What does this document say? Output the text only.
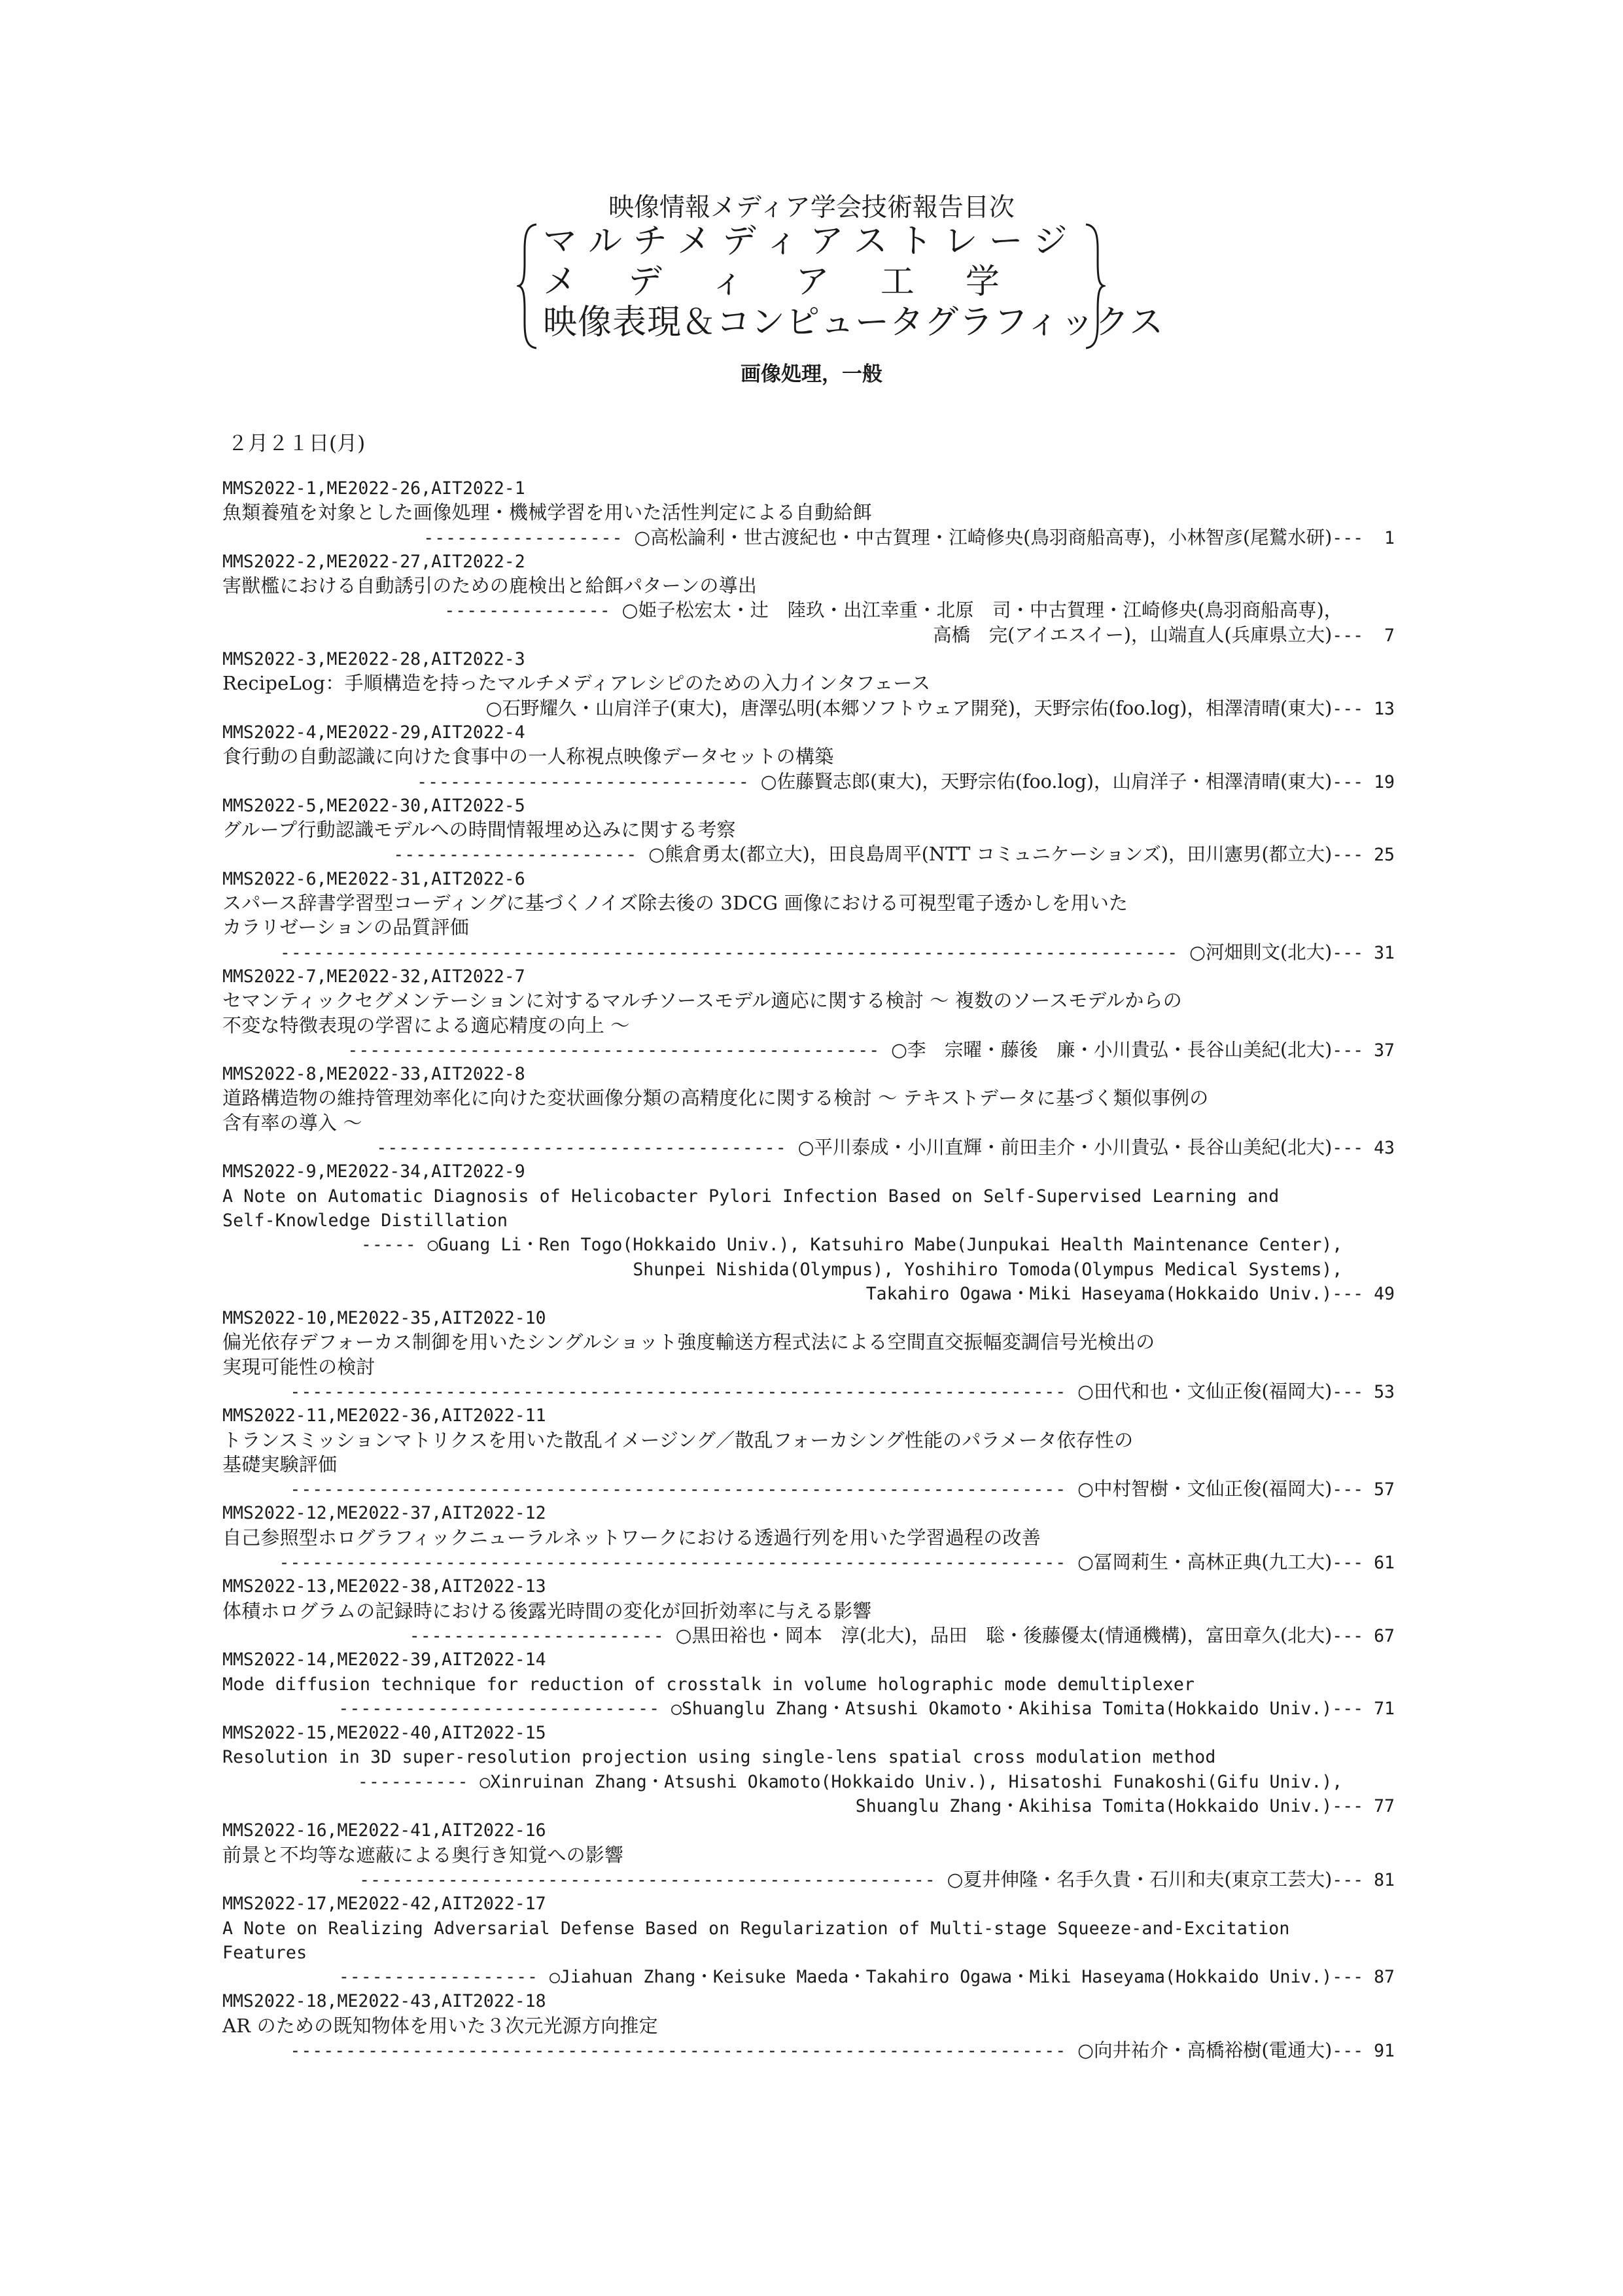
映像情報メディア学会技術報告目次
マルチメディアストレージ
メディア工学
映像表現＆コンピュータグラフィックス
画像処理，一般
２月２１日(月)
MMS2022-1,ME2022-26,AIT2022-1
魚類養殖を対象とした画像処理・機械学習を用いた活性判定による自動給餌
------------------ ○高松論利・世古渡紀也・中古賀理・江崎修央(鳥羽商船高専)，小林智彦(尾鷲水研)---  1
MMS2022-2,ME2022-27,AIT2022-2
害獣檻における自動誘引のための鹿検出と給餌パターンの導出
--------------- ○姫子松宏太・辻　陸玖・出江幸重・北原　司・中古賀理・江崎修央(鳥羽商船高専)，
高橋　完(アイエスイー)，山端直人(兵庫県立大)---  7
MMS2022-3,ME2022-28,AIT2022-3
RecipeLog：手順構造を持ったマルチメディアレシピのための入力インタフェース
○石野耀久・山肩洋子(東大)，唐澤弘明(本郷ソフトウェア開発)，天野宗佑(foo.log)，相澤清晴(東大)--- 13
MMS2022-4,ME2022-29,AIT2022-4
食行動の自動認識に向けた食事中の一人称視点映像データセットの構築
------------------------------ ○佐藤賢志郎(東大)，天野宗佑(foo.log)，山肩洋子・相澤清晴(東大)--- 19
MMS2022-5,ME2022-30,AIT2022-5
グループ行動認識モデルへの時間情報埋め込みに関する考察
---------------------- ○熊倉勇太(都立大)，田良島周平(NTT コミュニケーションズ)，田川憲男(都立大)--- 25
MMS2022-6,ME2022-31,AIT2022-6
スパース辞書学習型コーディングに基づくノイズ除去後の 3DCG 画像における可視型電子透かしを用いた
カラリゼーションの品質評価
--------------------------------------------------------------------------------- ○河畑則文(北大)--- 31
MMS2022-7,ME2022-32,AIT2022-7
セマンティックセグメンテーションに対するマルチソースモデル適応に関する検討 ～ 複数のソースモデルからの
不変な特徴表現の学習による適応精度の向上 ～
------------------------------------------------ ○李　宗曜・藤後　廉・小川貴弘・長谷山美紀(北大)--- 37
MMS2022-8,ME2022-33,AIT2022-8
道路構造物の維持管理効率化に向けた変状画像分類の高精度化に関する検討 ～ テキストデータに基づく類似事例の
含有率の導入 ～
------------------------------------- ○平川泰成・小川直輝・前田圭介・小川貴弘・長谷山美紀(北大)--- 43
MMS2022-9,ME2022-34,AIT2022-9
A Note on Automatic Diagnosis of Helicobacter Pylori Infection Based on Self-Supervised Learning and
Self-Knowledge Distillation
----- ○Guang Li・Ren Togo(Hokkaido Univ.), Katsuhiro Mabe(Junpukai Health Maintenance Center),
Shunpei Nishida(Olympus), Yoshihiro Tomoda(Olympus Medical Systems),
Takahiro Ogawa・Miki Haseyama(Hokkaido Univ.)--- 49
MMS2022-10,ME2022-35,AIT2022-10
偏光依存デフォーカス制御を用いたシングルショット強度輸送方程式法による空間直交振幅変調信号光検出の
実現可能性の検討
---------------------------------------------------------------------- ○田代和也・文仙正俊(福岡大)--- 53
MMS2022-11,ME2022-36,AIT2022-11
トランスミッションマトリクスを用いた散乱イメージング／散乱フォーカシング性能のパラメータ依存性の
基礎実験評価
---------------------------------------------------------------------- ○中村智樹・文仙正俊(福岡大)--- 57
MMS2022-12,ME2022-37,AIT2022-12
自己参照型ホログラフィックニューラルネットワークにおける透過行列を用いた学習過程の改善
----------------------------------------------------------------------- ○冨岡莉生・高林正典(九工大)--- 61
MMS2022-13,ME2022-38,AIT2022-13
体積ホログラムの記録時における後露光時間の変化が回折効率に与える影響
----------------------- ○黒田裕也・岡本　淳(北大)，品田　聡・後藤優太(情通機構)，富田章久(北大)--- 67
MMS2022-14,ME2022-39,AIT2022-14
Mode diffusion technique for reduction of crosstalk in volume holographic mode demultiplexer
----------------------------- ○Shuanglu Zhang・Atsushi Okamoto・Akihisa Tomita(Hokkaido Univ.)--- 71
MMS2022-15,ME2022-40,AIT2022-15
Resolution in 3D super-resolution projection using single-lens spatial cross modulation method
---------- ○Xinruinan Zhang・Atsushi Okamoto(Hokkaido Univ.), Hisatoshi Funakoshi(Gifu Univ.),
Shuanglu Zhang・Akihisa Tomita(Hokkaido Univ.)--- 77
MMS2022-16,ME2022-41,AIT2022-16
前景と不均等な遮蔽による奥行き知覚への影響
---------------------------------------------------- ○夏井伸隆・名手久貴・石川和夫(東京工芸大)--- 81
MMS2022-17,ME2022-42,AIT2022-17
A Note on Realizing Adversarial Defense Based on Regularization of Multi-stage Squeeze-and-Excitation
Features
------------------ ○Jiahuan Zhang・Keisuke Maeda・Takahiro Ogawa・Miki Haseyama(Hokkaido Univ.)--- 87
MMS2022-18,ME2022-43,AIT2022-18
AR のための既知物体を用いた３次元光源方向推定
---------------------------------------------------------------------- ○向井祐介・高橋裕樹(電通大)--- 91
